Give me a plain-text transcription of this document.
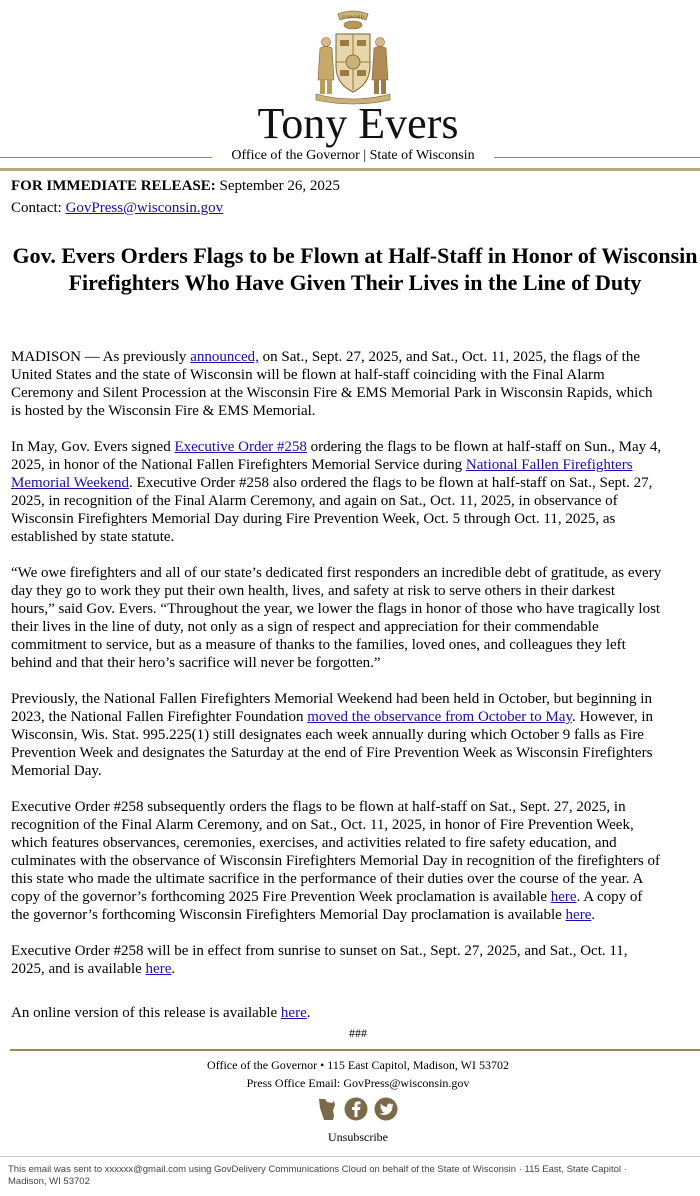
FORWARD
Tony Evers
Office of the Governor | State of Wisconsin
FOR IMMEDIATE RELEASE: September 26, 2025
Contact: GovPress@wisconsin.gov
Gov. Evers Orders Flags to be Flown at Half-Staff in Honor of Wisconsin Firefighters Who Have Given Their Lives in the Line of Duty

MADISON — As previously announced, on Sat., Sept. 27, 2025, and Sat., Oct. 11, 2025, the flags of the
United States and the state of Wisconsin will be flown at half-staff coinciding with the Final Alarm
Ceremony and Silent Procession at the Wisconsin Fire & EMS Memorial Park in Wisconsin Rapids, which
is hosted by the Wisconsin Fire & EMS Memorial.

In May, Gov. Evers signed Executive Order #258 ordering the flags to be flown at half-staff on Sun., May 4,
2025, in honor of the National Fallen Firefighters Memorial Service during National Fallen Firefighters
Memorial Weekend. Executive Order #258 also ordered the flags to be flown at half-staff on Sat., Sept. 27,
2025, in recognition of the Final Alarm Ceremony, and again on Sat., Oct. 11, 2025, in observance of
Wisconsin Firefighters Memorial Day during Fire Prevention Week, Oct. 5 through Oct. 11, 2025, as
established by state statute.

“We owe firefighters and all of our state’s dedicated first responders an incredible debt of gratitude, as every
day they go to work they put their own health, lives, and safety at risk to serve others in their darkest
hours,” said Gov. Evers. “Throughout the year, we lower the flags in honor of those who have tragically lost
their lives in the line of duty, not only as a sign of respect and appreciation for their commendable
commitment to service, but as a measure of thanks to the families, loved ones, and colleagues they left
behind and that their hero’s sacrifice will never be forgotten.”

Previously, the National Fallen Firefighters Memorial Weekend had been held in October, but beginning in
2023, the National Fallen Firefighter Foundation moved the observance from October to May. However, in
Wisconsin, Wis. Stat. 995.225(1) still designates each week annually during which October 9 falls as Fire
Prevention Week and designates the Saturday at the end of Fire Prevention Week as Wisconsin Firefighters
Memorial Day.

Executive Order #258 subsequently orders the flags to be flown at half-staff on Sat., Sept. 27, 2025, in
recognition of the Final Alarm Ceremony, and on Sat., Oct. 11, 2025, in honor of Fire Prevention Week,
which features observances, ceremonies, exercises, and activities related to fire safety education, and
culminates with the observance of Wisconsin Firefighters Memorial Day in recognition of the firefighters of
this state who made the ultimate sacrifice in the performance of their duties over the course of the year. A
copy of the governor’s forthcoming 2025 Fire Prevention Week proclamation is available here. A copy of
the governor’s forthcoming Wisconsin Firefighters Memorial Day proclamation is available here.

Executive Order #258 will be in effect from sunrise to sunset on Sat., Sept. 27, 2025, and Sat., Oct. 11,
2025, and is available here.

An online version of this release is available here.
###
Office of the Governor • 115 East Capitol, Madison, WI 53702
Press Office Email: GovPress@wisconsin.gov
Unsubscribe
This email was sent to xxxxxx@gmail.com using GovDelivery Communications Cloud on behalf of the State of Wisconsin · 115 East, State Capitol · Madison, WI 53702
